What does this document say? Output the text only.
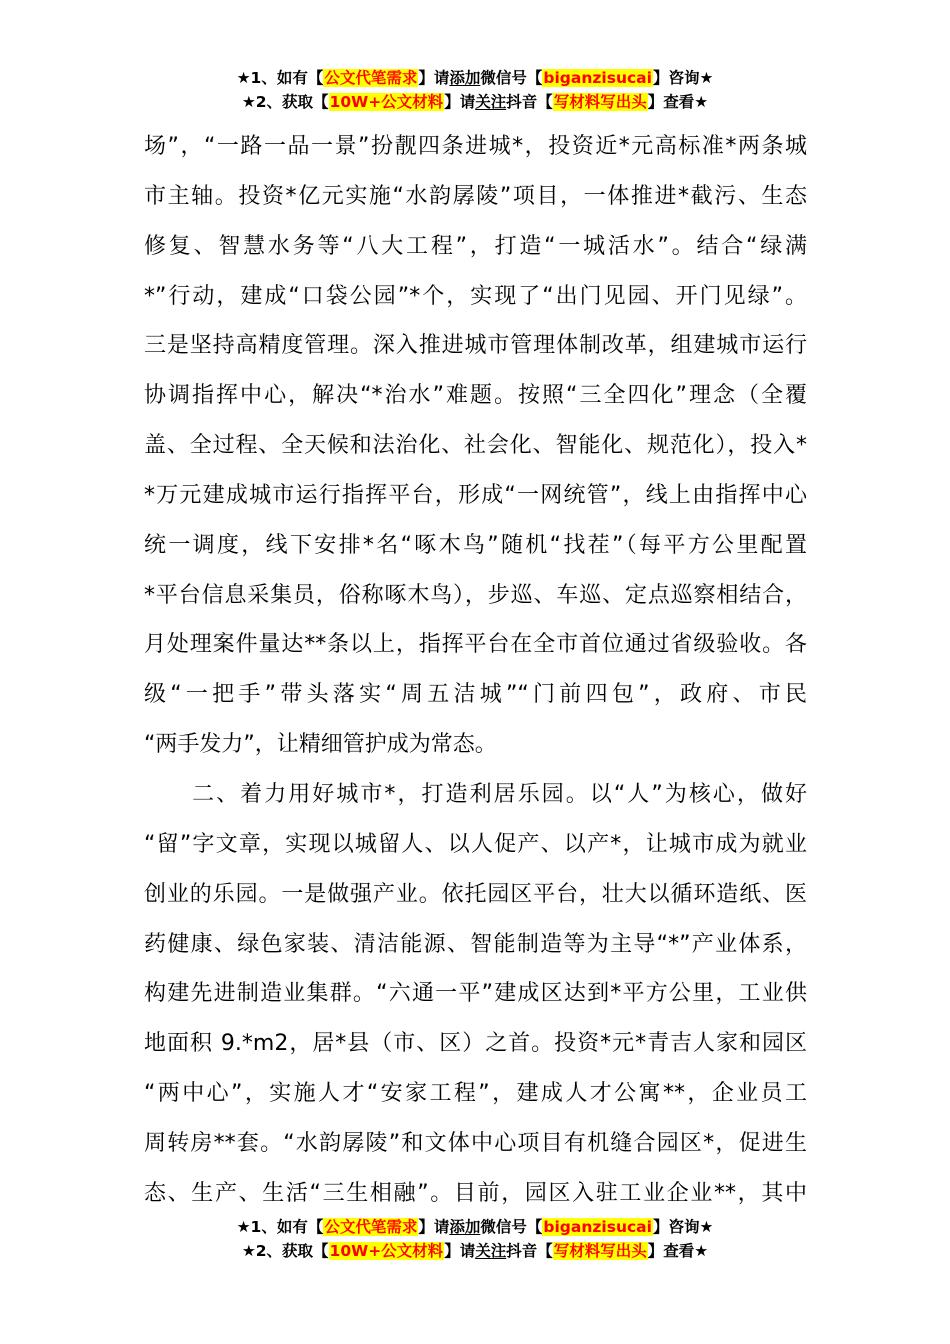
★1、如有【公文代笔需求】请添加微信号【biganzisucai】咨询★
★2、获取【10W+公文材料】请关注抖音【写材料写出头】查看★
场”，“一路一品一景”扮靓四条进城*，投资近*元高标准*两条城
市主轴。投资*亿元实施“水韵孱陵”项目，一体推进*截污、生态
修复、智慧水务等“八大工程”，打造“一城活水”。结合“绿满
*”行动，建成“口袋公园”*个，实现了“出门见园、开门见绿”。
三是坚持高精度管理。深入推进城市管理体制改革，组建城市运行
协调指挥中心，解决“*治水”难题。按照“三全四化”理念（全覆
盖、全过程、全天候和法治化、社会化、智能化、规范化），投入*
*万元建成城市运行指挥平台，形成“一网统管”，线上由指挥中心
统一调度，线下安排*名“啄木鸟”随机“找茬”（每平方公里配置
*平台信息采集员，俗称啄木鸟），步巡、车巡、定点巡察相结合，
月处理案件量达**条以上，指挥平台在全市首位通过省级验收。各
级“一把手”带头落实“周五洁城”“门前四包”，政府、市民
“两手发力”，让精细管护成为常态。
　　二、着力用好城市*，打造利居乐园。以“人”为核心，做好
“留”字文章，实现以城留人、以人促产、以产*，让城市成为就业
创业的乐园。一是做强产业。依托园区平台，壮大以循环造纸、医
药健康、绿色家装、清洁能源、智能制造等为主导“*”产业体系，
构建先进制造业集群。“六通一平”建成区达到*平方公里，工业供
地面积 9.*m2，居*县（市、区）之首。投资*元*青吉人家和园区
“两中心”，实施人才“安家工程”，建成人才公寓**，企业员工
周转房**套。“水韵孱陵”和文体中心项目有机缝合园区*，促进生
态、生产、生活“三生相融”。目前，园区入驻工业企业**，其中
★1、如有【公文代笔需求】请添加微信号【biganzisucai】咨询★
★2、获取【10W+公文材料】请关注抖音【写材料写出头】查看★
